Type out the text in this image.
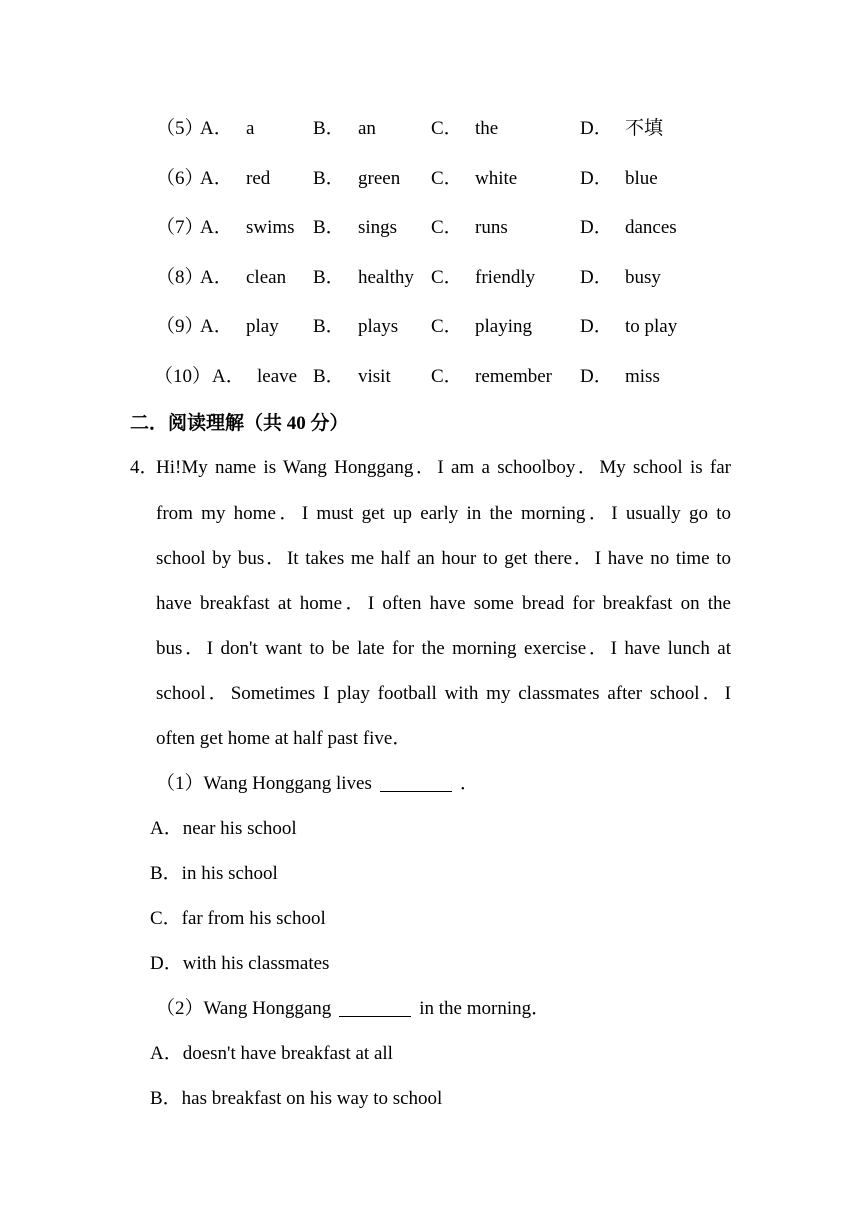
（5）
A． a	B． an	C． the	D． 不填
（6）
A． red B． green C． white	D． blue
（7）
A． swims B． sings C． runs	D． dances
（8）
A． clean B． healthy C． friendly D． busy
（9）
A． play B． plays C． playing	D． to play
（10） A． leave B． visit C． remember D． miss
二．阅读理解（共 40 分）
4．
Hi!My name is Wang Honggang．I am a schoolboy．My school is far
from my home．I must get up early in the morning．I usually go to
school by bus．It takes me half an hour to get there．I have no time to
have breakfast at home．I often have some bread for breakfast on the
bus．I don't want to be late for the morning exercise．I have lunch at
school．Sometimes I play football with my classmates after school．I
often get home at half past five．
（1）Wang Honggang lives	．
A．near his school
B．in his school
C．far from his school
D．with his classmates
（2）Wang Honggang	in the morning．
A．doesn't have breakfast at all
B．has breakfast on his way to school
